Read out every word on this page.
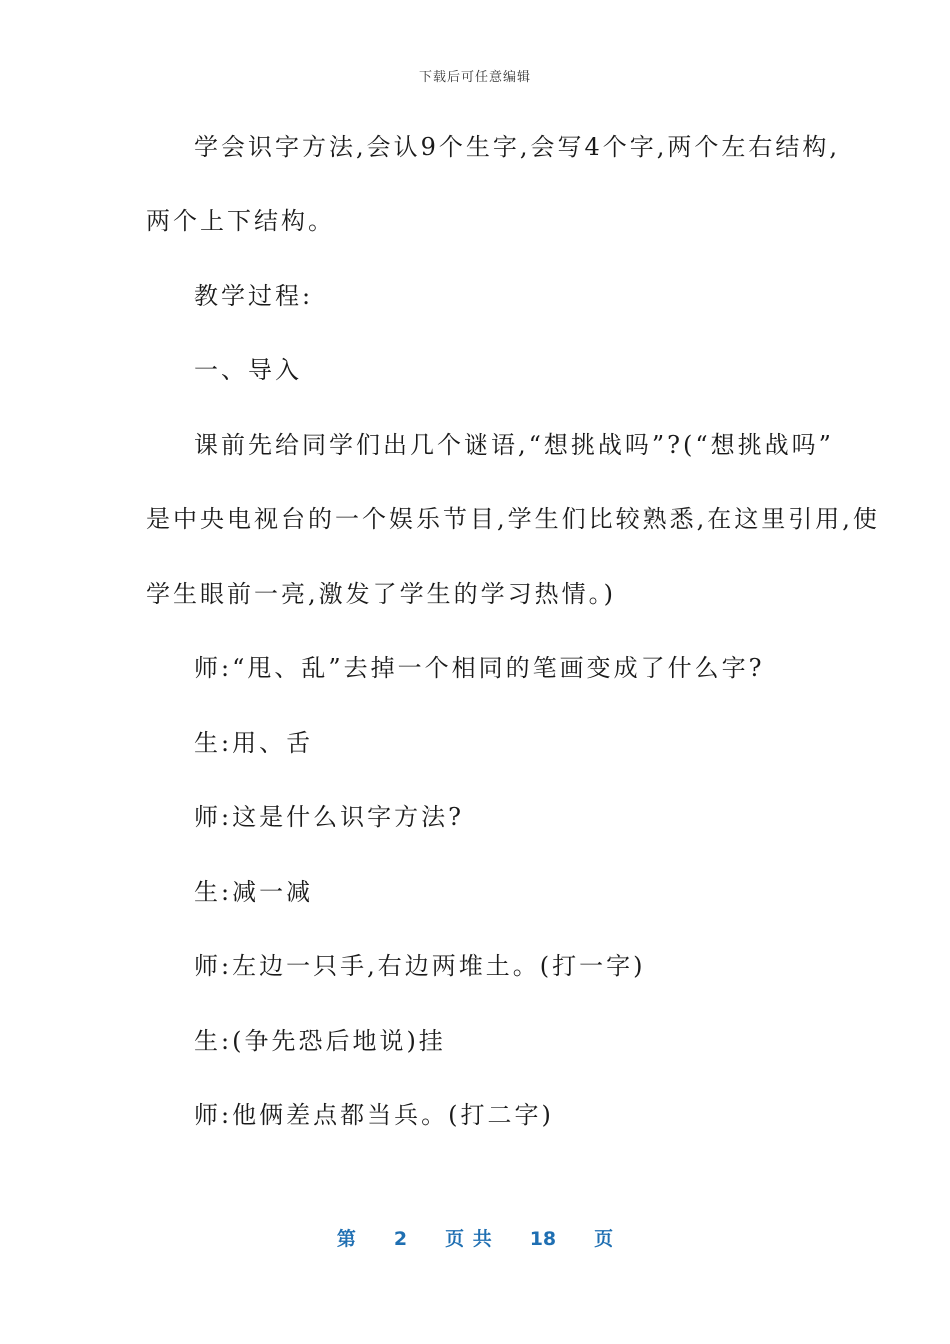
下载后可任意编辑
学会识字方法,会认9个生字,会写4个字,两个左右结构,
两个上下结构。
教学过程:
一、导入
课前先给同学们出几个谜语,“想挑战吗”?(“想挑战吗”
是中央电视台的一个娱乐节目,学生们比较熟悉,在这里引用,使
学生眼前一亮,激发了学生的学习热情。)
师:“甩、乱”去掉一个相同的笔画变成了什么字?
生:用、舌
师:这是什么识字方法?
生:减一减
师:左边一只手,右边两堆土。(打一字)
生:(争先恐后地说)挂
师:他俩差点都当兵。(打二字)
第 2 页 共 18 页
